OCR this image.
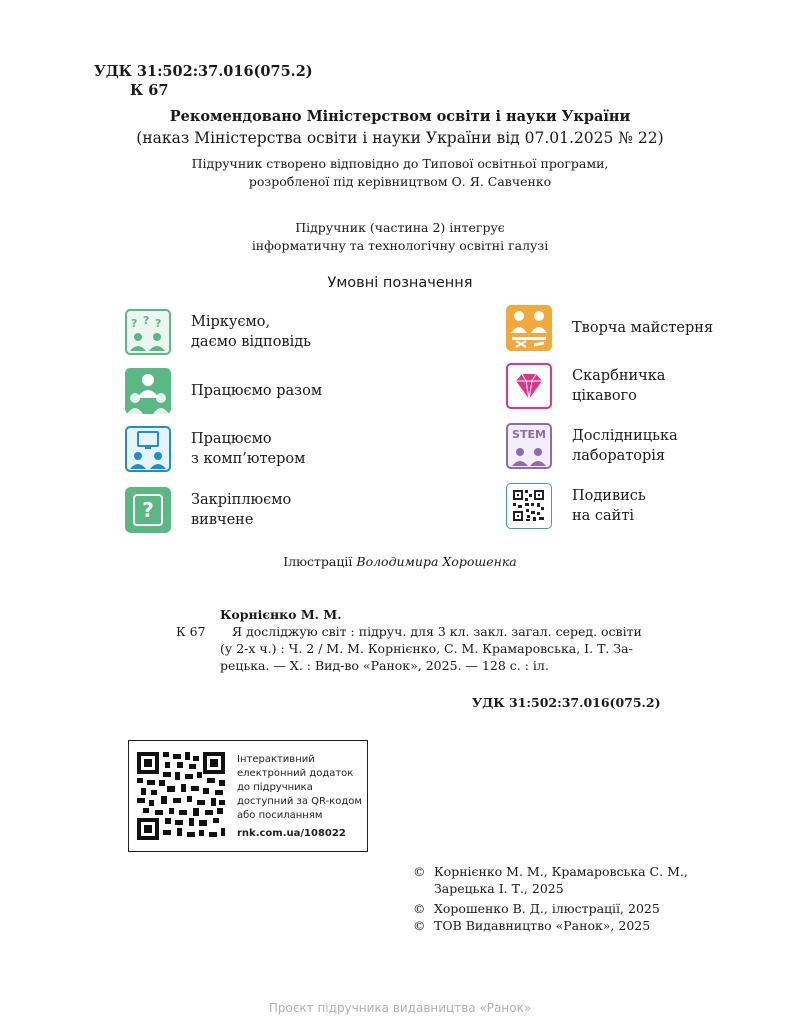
УДК 31:502:37.016(075.2)
К 67
Рекомендовано Міністерством освіти і науки України
(наказ Міністерства освіти і науки України від 07.01.2025 № 22)
Підручник створено відповідно до Типової освітньої програми,
розробленої під керівництвом О. Я. Савченко
Підручник (частина 2) інтегрує
інформатичну та технологічну освітні галузі
Умовні позначення
? ? ? Міркуємо,
даємо відповідь
Працюємо разом
Працюємо
з комп’ютером
?	Закріплюємо
вивчене
Творча майстерня
Скарбничка
цікавого
STEM Дослідницька
лабораторія
Подивись
на сайті
Ілюстрації Володимира Хорошенка
Корнієнко М. М.
К 67	Я досліджую світ : підруч. для 3 кл. закл. загал. серед. освіти
(у 2-х ч.) : Ч. 2 / М. М. Корнієнко, С. М. Крамаровська, І. Т. За-
рецька. — Х. : Вид-во «Ранок», 2025. — 128 с. : іл.
УДК 31:502:37.016(075.2)
Інтерактивний
електронний додаток
до підручника
доступний за QR-кодом
або посиланням
rnk.com.ua/108022
© Корнієнко М. М., Крамаровська С. М.,
Зарецька І. Т., 2025
© Хорошенко В. Д., ілюстрації, 2025
© ТОВ Видавництво «Ранок», 2025
Проєкт підручника видавництва «Ранок»
